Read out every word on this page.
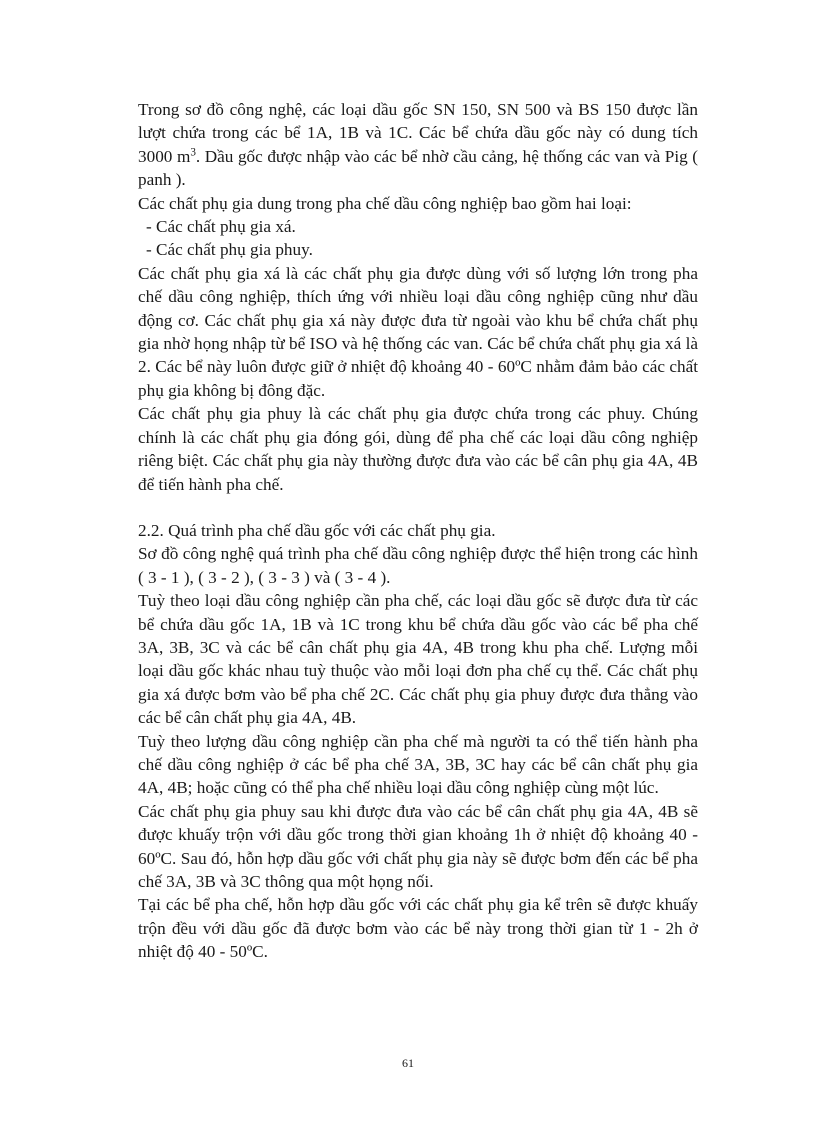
Trong sơ đồ công nghệ, các loại dầu gốc SN 150, SN 500 và BS 150 được lần lượt chứa trong các bể 1A, 1B và 1C. Các bể chứa dầu gốc này có dung tích 3000 $m^3$. Dầu gốc được nhập vào các bể nhờ cầu cảng, hệ thống các van và Pig ( panh ).

Các chất phụ gia dung trong pha chế dầu công nghiệp bao gồm hai loại:

- Các chất phụ gia xá.

- Các chất phụ gia phuy.

Các chất phụ gia xá là các chất phụ gia được dùng với số lượng lớn trong pha chế dầu công nghiệp, thích ứng với nhiều loại dầu công nghiệp cũng như dầu động cơ. Các chất phụ gia xá này được đưa từ ngoài vào khu bể chứa chất phụ gia nhờ họng nhập từ bể ISO và hệ thống các van. Các bể chứa chất phụ gia xá là 2. Các bể này luôn được giữ ở nhiệt độ khoảng 40 - 60ºC nhằm đảm bảo các chất phụ gia không bị đông đặc.

Các chất phụ gia phuy là các chất phụ gia được chứa trong các phuy. Chúng chính là các chất phụ gia đóng gói, dùng để pha chế các loại dầu công nghiệp riêng biệt. Các chất phụ gia này thường được đưa vào các bể cân phụ gia 4A, 4B để tiến hành pha chế.

2.2. Quá trình pha chế dầu gốc với các chất phụ gia.

Sơ đồ công nghệ quá trình pha chế dầu công nghiệp được thể hiện trong các hình ( 3 - 1 ), ( 3 - 2 ), ( 3 - 3 ) và ( 3 - 4 ).

Tuỳ theo loại dầu công nghiệp cần pha chế, các loại dầu gốc sẽ được đưa từ các bể chứa dầu gốc 1A, 1B và 1C trong khu bể chứa dầu gốc vào các bể pha chế 3A, 3B, 3C và các bể cân chất phụ gia 4A, 4B trong khu pha chế. Lượng mỗi loại dầu gốc khác nhau tuỳ thuộc vào mỗi loại đơn pha chế cụ thể. Các chất phụ gia xá được bơm vào bể pha chế 2C. Các chất phụ gia phuy được đưa thẳng vào các bể cân chất phụ gia 4A, 4B.

Tuỳ theo lượng dầu công nghiệp cần pha chế mà người ta có thể tiến hành pha chế dầu công nghiệp ở các bể pha chế 3A, 3B, 3C hay các bể cân chất phụ gia 4A, 4B; hoặc cũng có thể pha chế nhiều loại dầu công nghiệp cùng một lúc.

Các chất phụ gia phuy sau khi được đưa vào các bể cân chất phụ gia 4A, 4B sẽ được khuấy trộn với dầu gốc trong thời gian khoảng 1h ở nhiệt độ khoảng 40 - 60ºC. Sau đó, hỗn hợp dầu gốc với chất phụ gia này sẽ được bơm đến các bể pha chế 3A, 3B và 3C thông qua một họng nối.

Tại các bể pha chế, hỗn hợp dầu gốc với các chất phụ gia kể trên sẽ được khuấy trộn đều với dầu gốc đã được bơm vào các bể này trong thời gian từ 1 - 2h ở nhiệt độ 40 - 50ºC.

61
